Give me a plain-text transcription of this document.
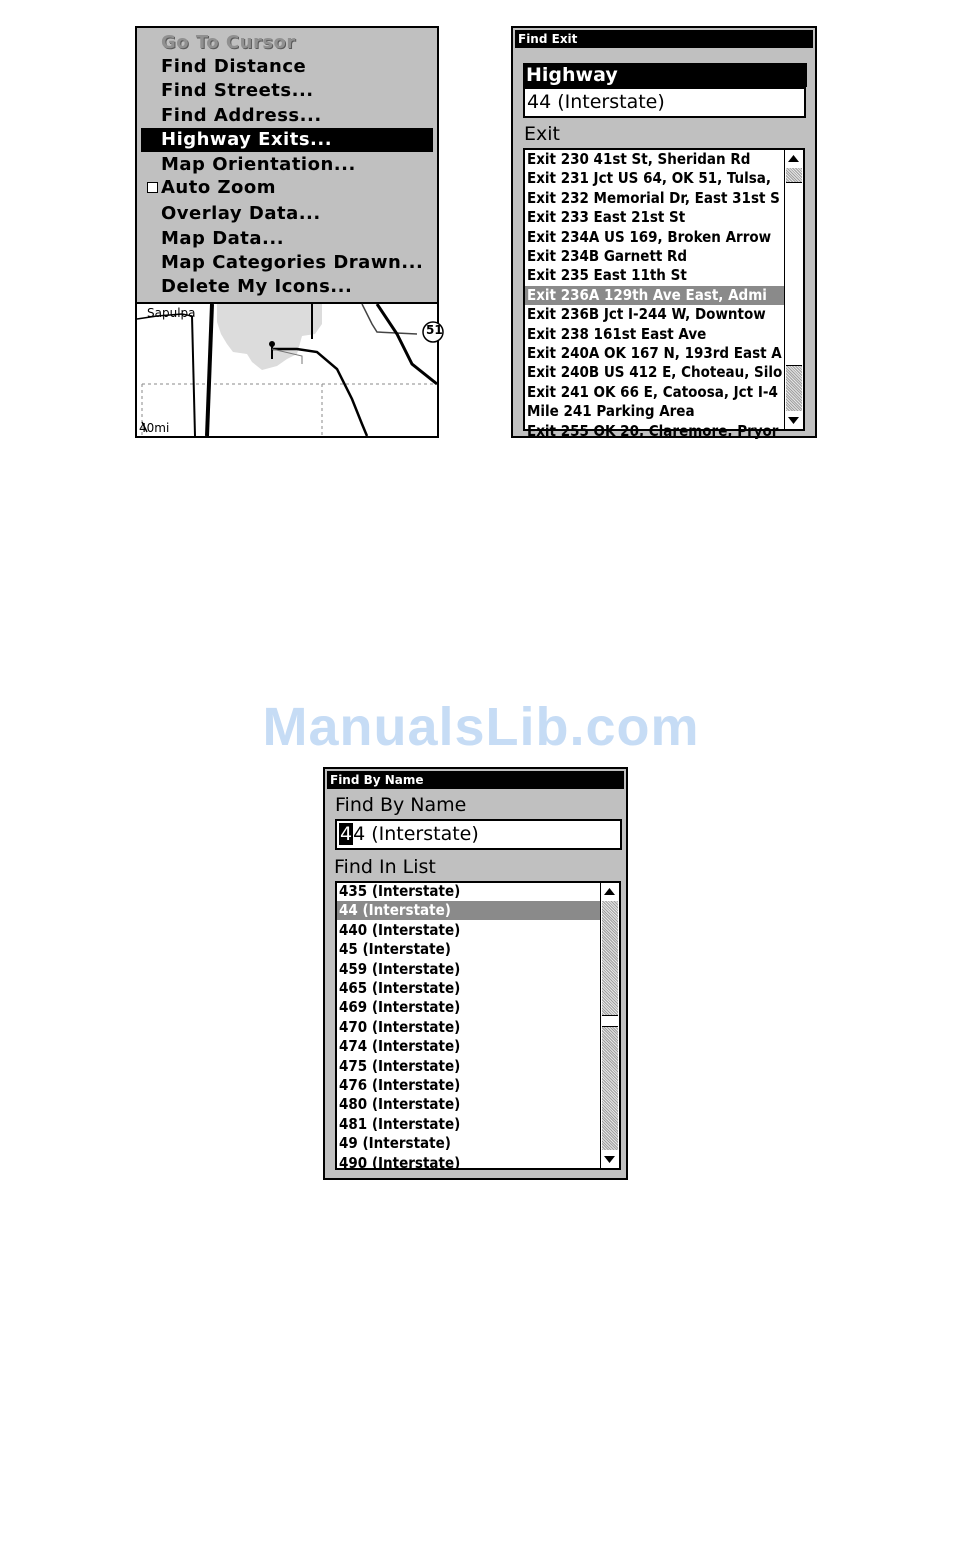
Go To Cursor
Find Distance
Find Streets...
Find Address...
Highway Exits...
Map Orientation...
Auto Zoom
Overlay Data...
Map Data...
Map Categories Drawn...
Delete My Icons...
Sapulpa
51
40mi
Find Exit
Highway
44 (Interstate)
Exit
Exit 230 41st St, Sheridan Rd
Exit 231 Jct US 64, OK 51, Tulsa,
Exit 232 Memorial Dr, East 31st S
Exit 233 East 21st St
Exit 234A US 169, Broken Arrow
Exit 234B Garnett Rd
Exit 235 East 11th St
Exit 236A 129th Ave East, Admi
Exit 236B Jct I-244 W, Downtow
Exit 238 161st East Ave
Exit 240A OK 167 N, 193rd East A
Exit 240B US 412 E, Choteau, Silo
Exit 241 OK 66 E, Catoosa, Jct I-4
Mile 241 Parking Area
Exit 255 OK 20, Claremore, Pryor
ManualsLib.com
Find By Name
Find By Name
44 (Interstate)
Find In List
435 (Interstate)
44 (Interstate)
440 (Interstate)
45 (Interstate)
459 (Interstate)
465 (Interstate)
469 (Interstate)
470 (Interstate)
474 (Interstate)
475 (Interstate)
476 (Interstate)
480 (Interstate)
481 (Interstate)
49 (Interstate)
490 (Interstate)
